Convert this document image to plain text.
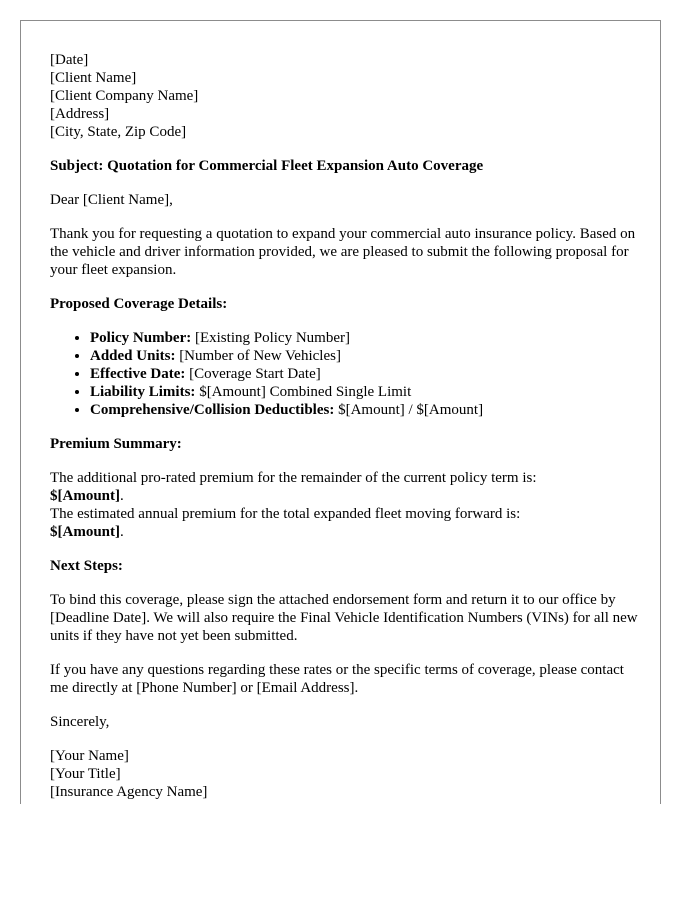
[Date]
[Client Name]
[Client Company Name]
[Address]
[City, State, Zip Code]

Subject: Quotation for Commercial Fleet Expansion Auto Coverage

Dear [Client Name],

Thank you for requesting a quotation to expand your commercial auto insurance policy. Based on the vehicle and driver information provided, we are pleased to submit the following proposal for your fleet expansion.

Proposed Coverage Details:

• Policy Number: [Existing Policy Number]
• Added Units: [Number of New Vehicles]
• Effective Date: [Coverage Start Date]
• Liability Limits: $[Amount] Combined Single Limit
• Comprehensive/Collision Deductibles: $[Amount] / $[Amount]

Premium Summary:

The additional pro-rated premium for the remainder of the current policy term is:
$[Amount].
The estimated annual premium for the total expanded fleet moving forward is:
$[Amount].

Next Steps:

To bind this coverage, please sign the attached endorsement form and return it to our office by [Deadline Date]. We will also require the Final Vehicle Identification Numbers (VINs) for all new units if they have not yet been submitted.

If you have any questions regarding these rates or the specific terms of coverage, please contact me directly at [Phone Number] or [Email Address].

Sincerely,

[Your Name]
[Your Title]
[Insurance Agency Name]
